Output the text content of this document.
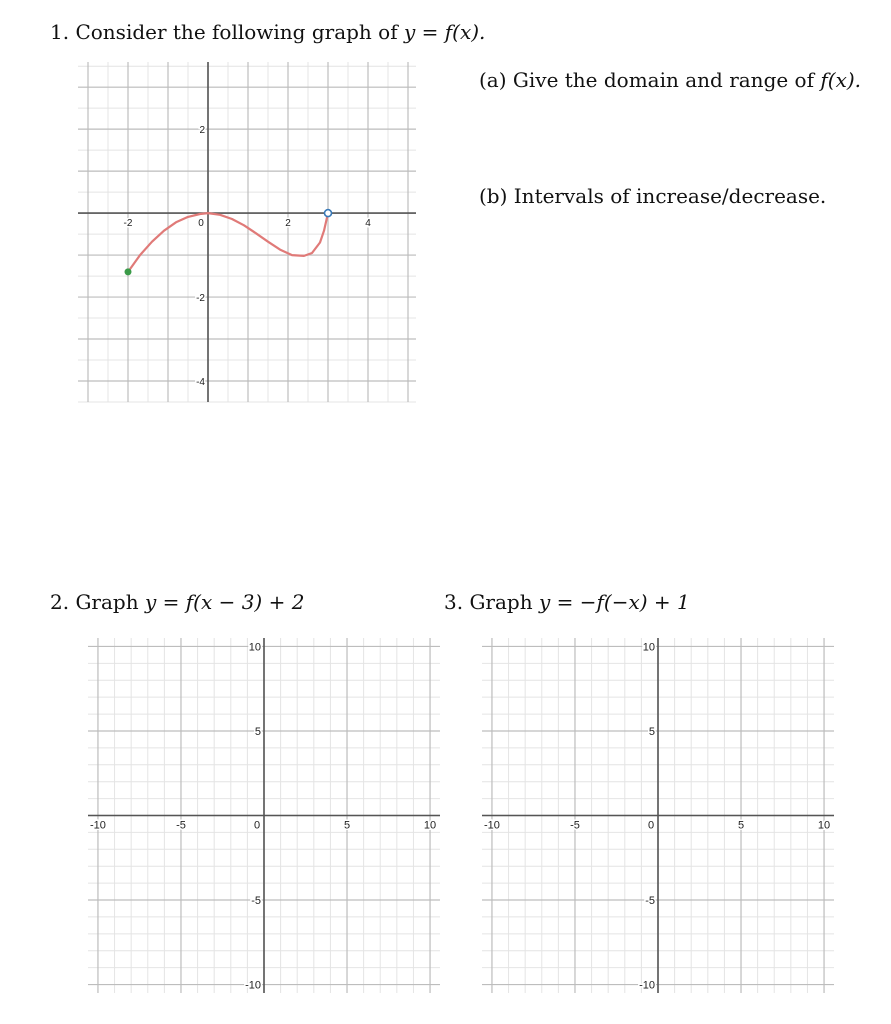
1. Consider the following graph of y = f(x).
(a) Give the domain and range of f(x).
(b) Intervals of increase/decrease.
-2	0	2	4
2
-2
-4
2. Graph y = f(x − 3) + 2
-10	-5	0	5	10
10
5
-5
-10
3. Graph y = −f(−x) + 1
-10	-5	0	5	10
10
5
-5
-10
